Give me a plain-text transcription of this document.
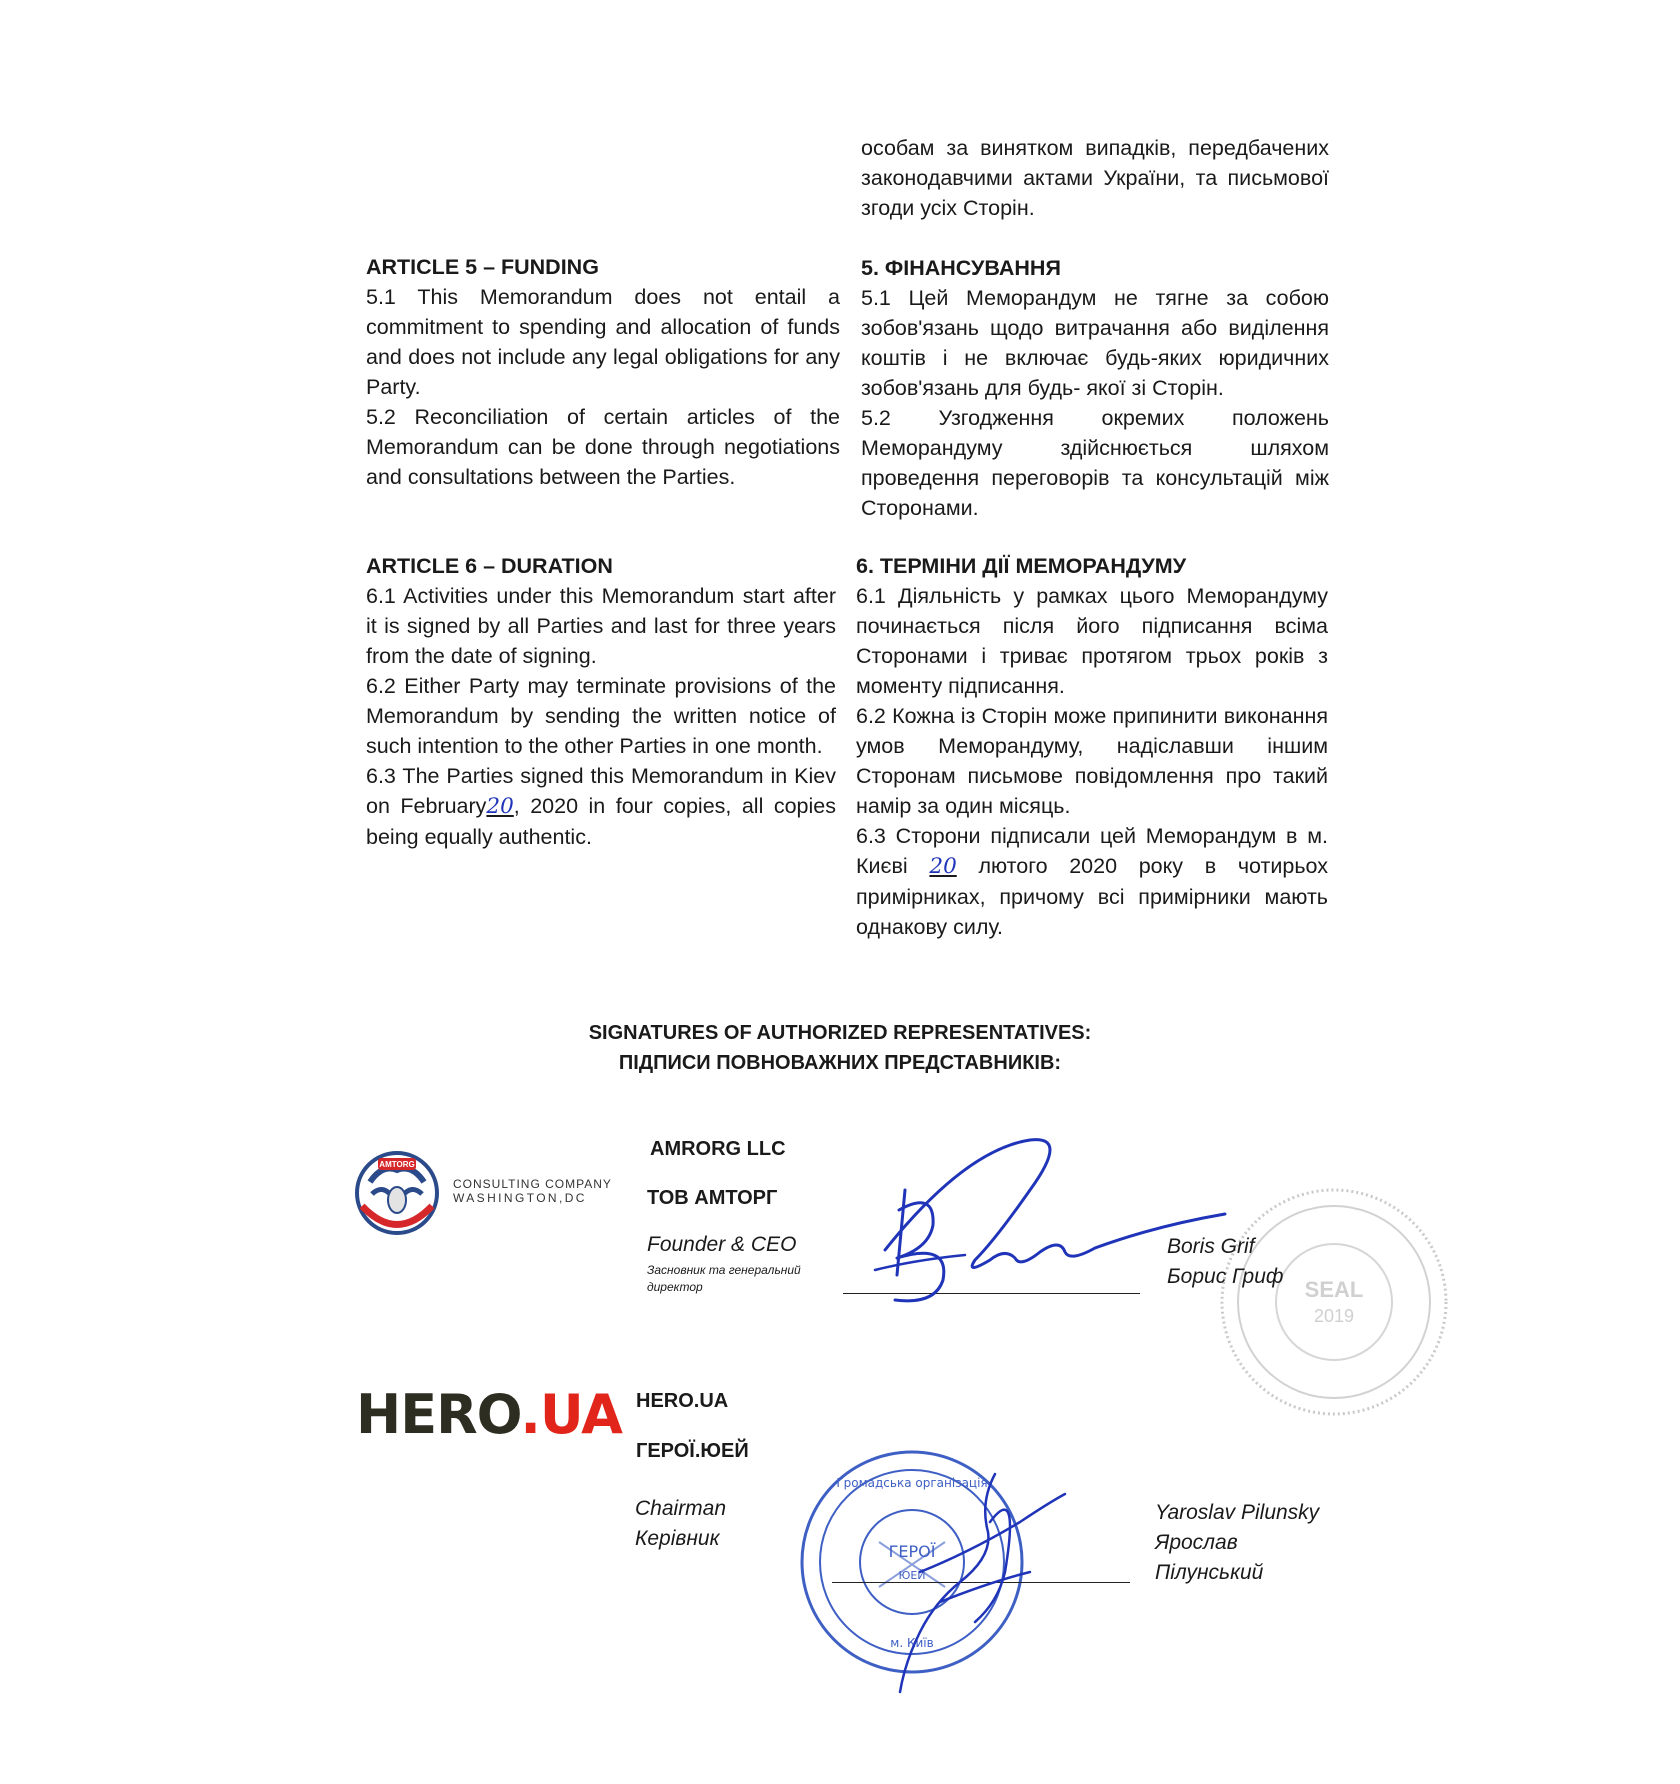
особам за винятком випадків, передбачених законодавчими актами України, та письмової згоди усіх Сторін.

ARTICLE 5 – FUNDING

5.1 This Memorandum does not entail a commitment to spending and allocation of funds and does not include any legal obligations for any Party.

5.2 Reconciliation of certain articles of the Memorandum can be done through negotiations and consultations between the Parties.

5. ФІНАНСУВАННЯ

5.1 Цей Меморандум не тягне за собою зобов'язань щодо витрачання або виділення коштів і не включає будь-яких юридичних зобов'язань для будь- якої зі Сторін.

5.2 Узгодження окремих положень Меморандуму здійснюється шляхом проведення переговорів та консультацій між Сторонами.

ARTICLE 6 – DURATION

6.1 Activities under this Memorandum start after it is signed by all Parties and last for three years from the date of signing.

6.2 Either Party may terminate provisions of the Memorandum by sending the written notice of such intention to the other Parties in one month.

6.3 The Parties signed this Memorandum in Kiev on February20, 2020 in four copies, all copies being equally authentic.

6. ТЕРМІНИ ДІЇ МЕМОРАНДУМУ

6.1 Діяльність у рамках цього Меморандуму починається після його підписання всіма Сторонами і триває протягом трьох років з моменту підписання.

6.2 Кожна із Сторін може припинити виконання умов Меморандуму, надіславши іншим Сторонам письмове повідомлення про такий намір за один місяць.

6.3 Сторони підписали цей Меморандум в м. Києві 20 лютого 2020 року в чотирьох примірниках, причому всі примірники мають однакову силу.

SIGNATURES OF AUTHORIZED REPRESENTATIVES:
ПІДПИСИ ПОВНОВАЖНИХ ПРЕДСТАВНИКІВ:
AMTORG
CONSULTING COMPANY
WASHINGTON,DC
AMRORG LLC
ТОВ АМТОРГ
Founder & CEO
Засновник та генеральний директор	SEAL
2019
Boris Grif
Борис Гриф
HERO.UA HERO.UA
ГЕРОЇ.ЮЕЙ
Chairman
Керівник
ГЕРОЇ
ЮЕЙ
м. Київ
Громадська організація
Yaroslav Pilunsky
Ярослав
Пілунський
